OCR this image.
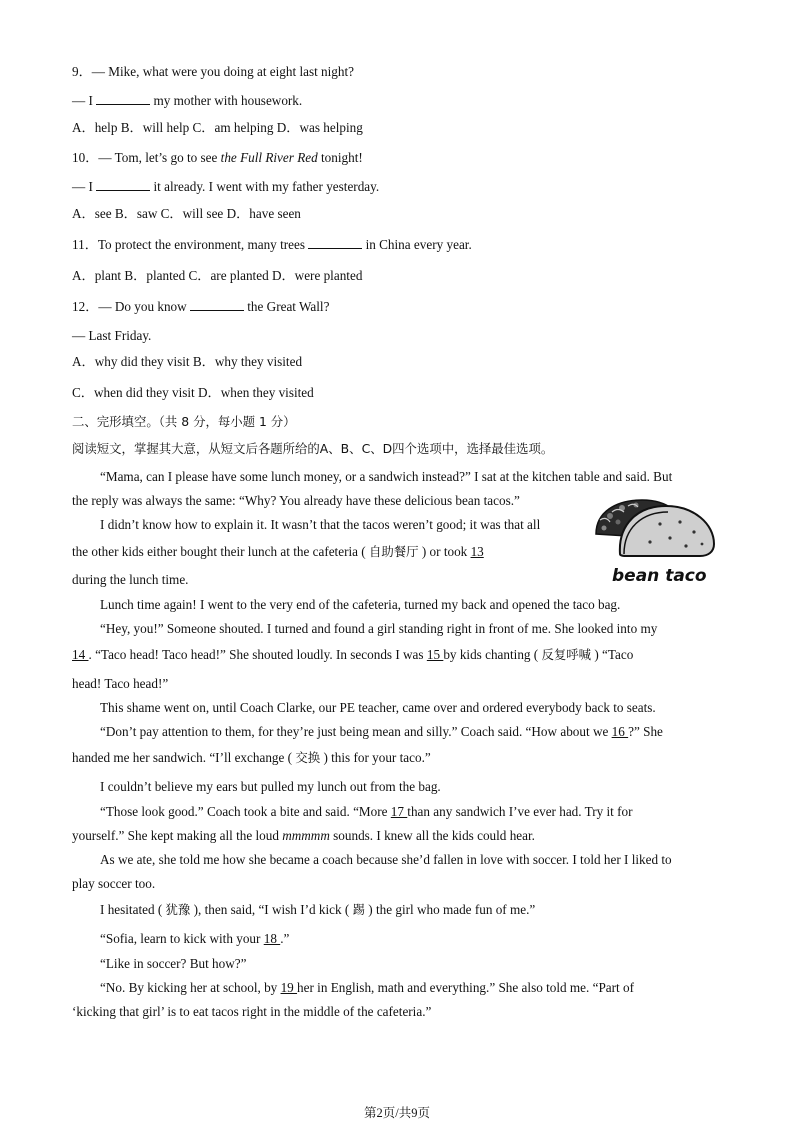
9．— Mike, what were you doing at eight last night?
— I	my mother with housework.
A．help B．will help C．am helping D．was helping
10．— Tom, let’s go to see the Full River Red tonight!
— I	it already. I went with my father yesterday.
A．see B．saw C．will see D．have seen
11．To protect the environment, many trees	in China every year.
A．plant B．planted C．are planted D．were planted
12．— Do you know	the Great Wall?
— Last Friday.
A．why did they visit B．why they visited
C．when did they visit D．when they visited
二、完形填空。（共 8 分，每小题 1 分）
阅读短文，掌握其大意，从短文后各题所给的A、B、C、D四个选项中，选择最佳选项。
“Mama, can I please have some lunch money, or a sandwich instead?” I sat at the kitchen table and said. But
the reply was always the same: “Why? You already have these delicious bean tacos.”
I didn’t know how to explain it. It wasn’t that the tacos weren’t good; it was that all
the other kids either bought their lunch at the cafeteria ( 自助餐厅 ) or took 13
during the lunch time.
Lunch time again! I went to the very end of the cafeteria, turned my back and opened the taco bag.
“Hey, you!” Someone shouted. I turned and found a girl standing right in front of me. She looked into my
14 . “Taco head! Taco head!” She shouted loudly. In seconds I was 15 by kids chanting ( 反复呼喊 ) “Taco
head! Taco head!”
This shame went on, until Coach Clarke, our PE teacher, came over and ordered everybody back to seats.
“Don’t pay attention to them, for they’re just being mean and silly.” Coach said. “How about we 16 ?” She
handed me her sandwich. “I’ll exchange ( 交换 ) this for your taco.”
I couldn’t believe my ears but pulled my lunch out from the bag.
“Those look good.” Coach took a bite and said. “More 17 than any sandwich I’ve ever had. Try it for
yourself.” She kept making all the loud mmmmm sounds. I knew all the kids could hear.
As we ate, she told me how she became a coach because she’d fallen in love with soccer. I told her I liked to
play soccer too.
I hesitated ( 犹豫 ), then said, “I wish I’d kick ( 踢 ) the girl who made fun of me.”
“Sofia, learn to kick with your 18 .”
“Like in soccer? But how?”
“No. By kicking her at school, by 19 her in English, math and everything.” She also told me. “Part of
‘kicking that girl’ is to eat tacos right in the middle of the cafeteria.”
bean taco
第2页/共9页
